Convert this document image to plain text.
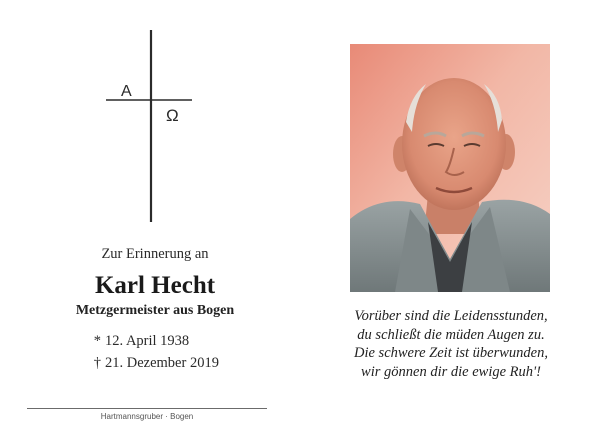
A
Ω
Zur Erinnerung an
Karl Hecht
Metzgermeister aus Bogen
* 12. April 1938
† 21. Dezember 2019
Hartmannsgruber · Bogen
Vorüber sind die Leidensstunden,
du schließt die müden Augen zu.
Die schwere Zeit ist überwunden,
wir gönnen dir die ewige Ruh'!
